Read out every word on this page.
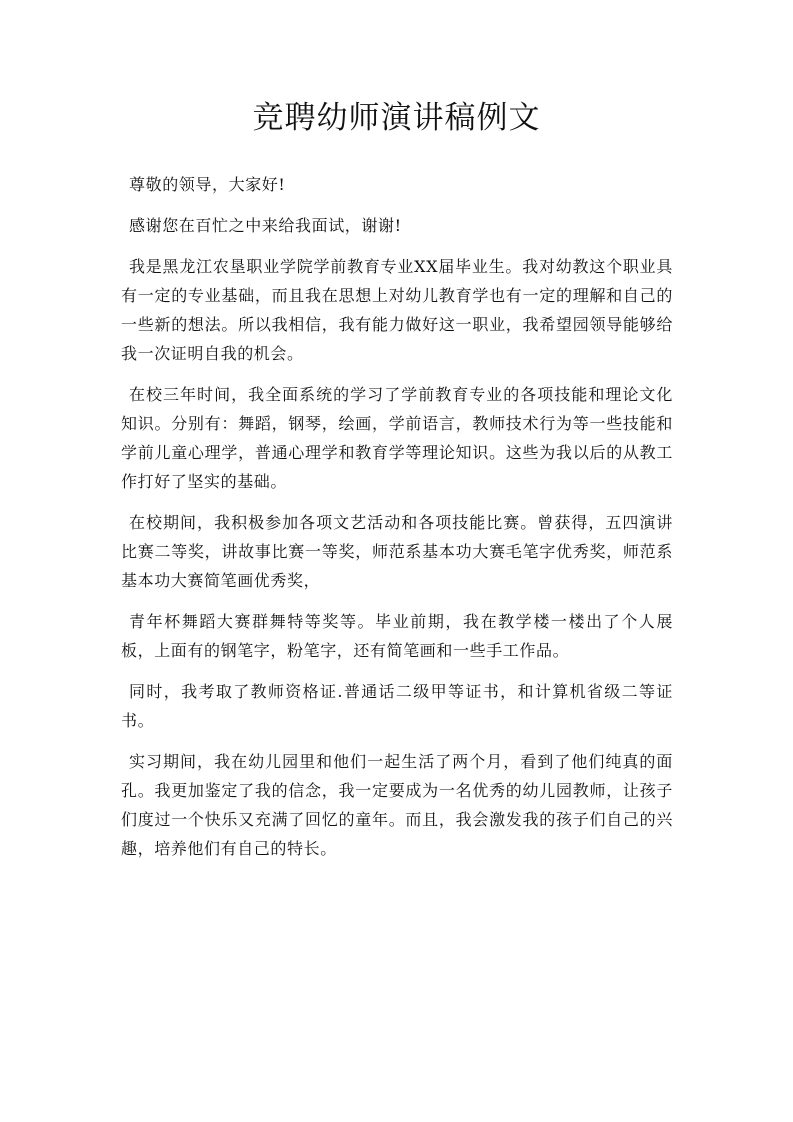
竞聘幼师演讲稿例文

尊敬的领导，大家好!

感谢您在百忙之中来给我面试，谢谢!

我是黑龙江农垦职业学院学前教育专业XX届毕业生。我对幼教这个职业具有一定的专业基础，而且我在思想上对幼儿教育学也有一定的理解和自己的一些新的想法。所以我相信，我有能力做好这一职业，我希望园领导能够给我一次证明自我的机会。

在校三年时间，我全面系统的学习了学前教育专业的各项技能和理论文化知识。分别有：舞蹈，钢琴，绘画，学前语言，教师技术行为等一些技能和学前儿童心理学，普通心理学和教育学等理论知识。这些为我以后的从教工作打好了坚实的基础。

在校期间，我积极参加各项文艺活动和各项技能比赛。曾获得，五四演讲比赛二等奖，讲故事比赛一等奖，师范系基本功大赛毛笔字优秀奖，师范系基本功大赛简笔画优秀奖，

青年杯舞蹈大赛群舞特等奖等。毕业前期，我在教学楼一楼出了个人展板，上面有的钢笔字，粉笔字，还有简笔画和一些手工作品。

同时，我考取了教师资格证.普通话二级甲等证书，和计算机省级二等证书。

实习期间，我在幼儿园里和他们一起生活了两个月，看到了他们纯真的面孔。我更加鉴定了我的信念，我一定要成为一名优秀的幼儿园教师，让孩子们度过一个快乐又充满了回忆的童年。而且，我会激发我的孩子们自己的兴趣，培养他们有自己的特长。
